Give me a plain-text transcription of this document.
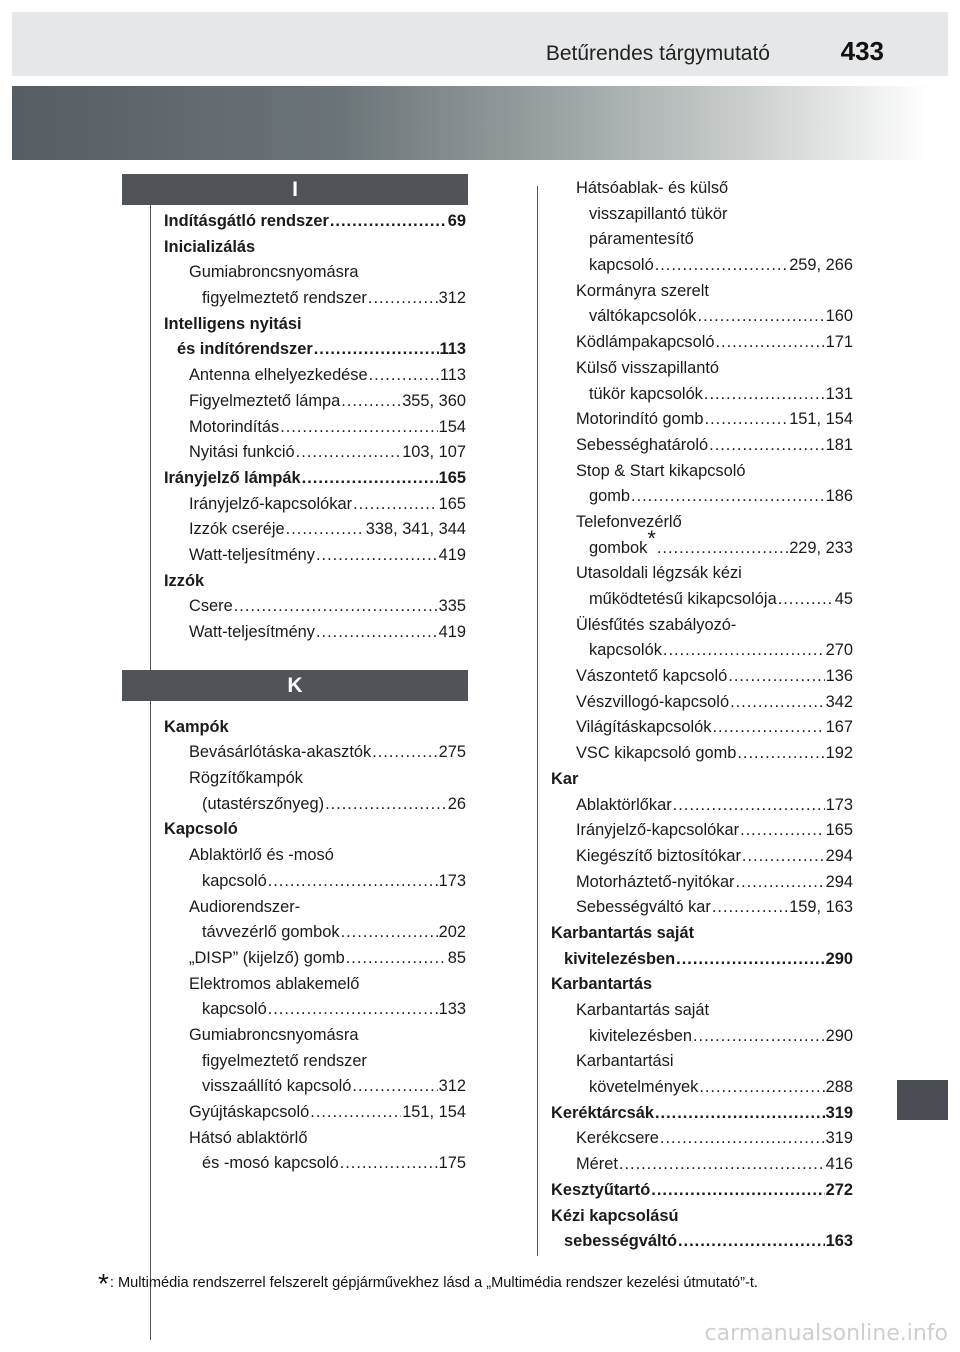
Betűrendes tárgymutató	433
I
K
Indításgátló rendszer .....	69
Inicializálás
Gumiabroncsnyomásra
figyelmeztető rendszer .....	312
Intelligens nyitási
és indítórendszer .....	113
Antenna elhelyezkedése .....	113
Figyelmeztető lámpa .....	355, 360
Motorindítás .....	154
Nyitási funkció .....	103, 107
Irányjelző lámpák .....	165
Irányjelző-kapcsolókar .....	165
Izzók cseréje .....	338, 341, 344
Watt-teljesítmény .....	419
Izzók
Csere .....	335
Watt-teljesítmény .....	419
Kampók
Bevásárlótáska-akasztók .....	275
Rögzítőkampók
(utastérszőnyeg) .....	26
Kapcsoló
Ablaktörlő és -mosó
kapcsoló .....	173
Audiorendszer-
távvezérlő gombok .....	202
„DISP” (kijelző) gomb .....	85
Elektromos ablakemelő
kapcsoló .....	133
Gumiabroncsnyomásra
figyelmeztető rendszer
visszaállító kapcsoló .....	312
Gyújtáskapcsoló .....	151, 154
Hátsó ablaktörlő
és -mosó kapcsoló .....	175
Hátsóablak- és külső
visszapillantó tükör
páramentesítő
kapcsoló .....	259, 266
Kormányra szerelt
váltókapcsolók .....	160
Ködlámpakapcsoló .....	171
Külső visszapillantó
tükör kapcsolók .....	131
Motorindító gomb .....	151, 154
Sebességhatároló .....	181
Stop & Start kikapcsoló
gomb .....	186
Telefonvezérlő
gombok* .....	229, 233
Utasoldali légzsák kézi
működtetésű kikapcsolója .....	45
Ülésfűtés szabályozó-
kapcsolók .....	270
Vászontető kapcsoló .....	136
Vészvillogó-kapcsoló .....	342
Világításkapcsolók .....	167
VSC kikapcsoló gomb .....	192
Kar
Ablaktörlőkar .....	173
Irányjelző-kapcsolókar .....	165
Kiegészítő biztosítókar .....	294
Motorháztető-nyitókar .....	294
Sebességváltó kar .....	159, 163
Karbantartás saját
kivitelezésben .....	290
Karbantartás
Karbantartás saját
kivitelezésben .....	290
Karbantartási
követelmények .....	288
Keréktárcsák .....	319
Kerékcsere .....	319
Méret .....	416
Kesztyűtartó .....	272
Kézi kapcsolású
sebességváltó .....	163
*: Multimédia rendszerrel felszerelt gépjárművekhez lásd a „Multimédia rendszer kezelési útmutató”-t.
carmanualsonline.info
